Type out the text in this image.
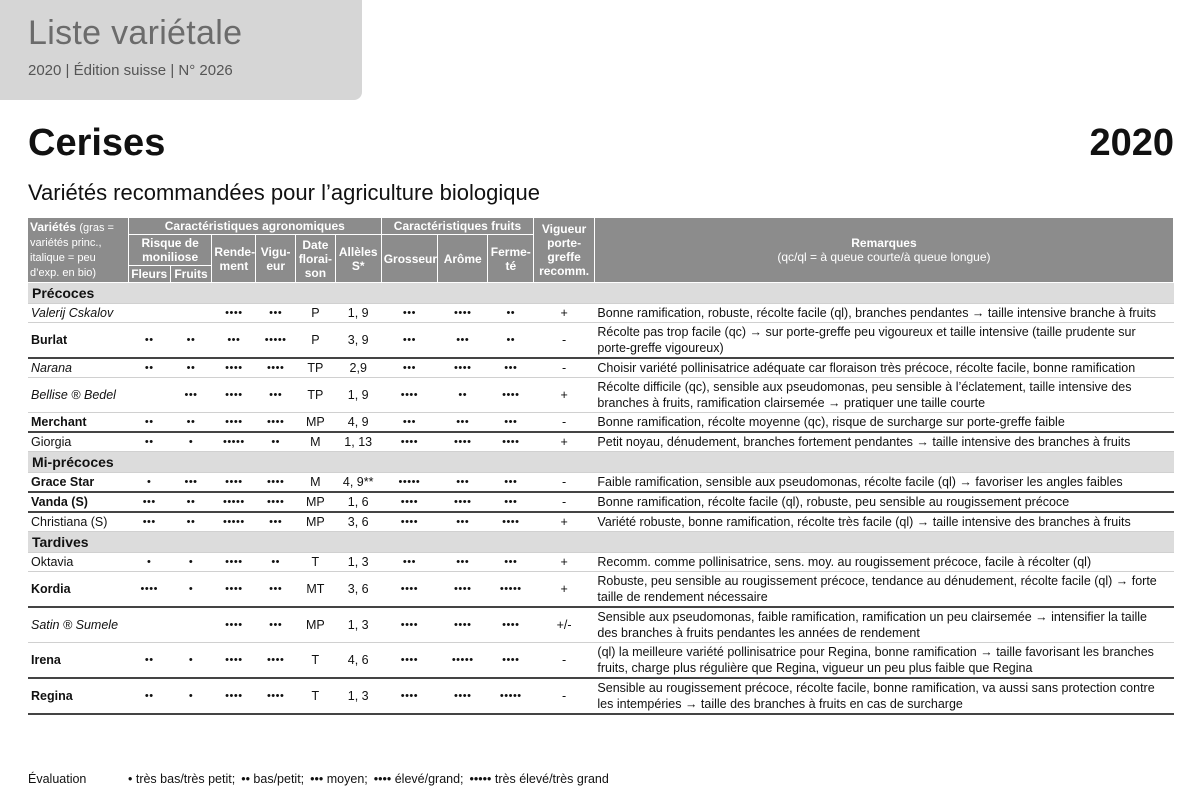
Liste variétale
2020 | Édition suisse | N° 2026
Cerises	2020
Variétés recommandées pour l’agriculture biologique
Variétés (gras = variétés princ., italique = peu d’exp. en bio)	Caractéristiques agronomiques						Caractéristiques fruits			Vigueur porte-greffe recomm.	Remarques
(qc/ql = à queue courte/à queue longue)

	Risque de moniliose		Rende-ment	Vigu-eur	Date florai-son	Allèles S*	Grosseur	Arôme	Ferme-té		
	Fleurs	Fruits									
Précoces											
Valerij Cskalov			••••	•••	P	1, 9	•••	••••	••	+	Bonne ramification, robuste, récolte facile (ql), branches pendantes → taille intensive branche à fruits
Burlat	••	••	•••	•••••	P	3, 9	•••	•••	••	-	Récolte pas trop facile (qc) → sur porte-greffe peu vigoureux et taille intensive (taille prudente sur porte-greffe vigoureux)
Narana	••	••	••••	••••	TP	2,9	•••	••••	•••	-	Choisir variété pollinisatrice adéquate car floraison très précoce, récolte facile, bonne ramification
Bellise ® Bedel		•••	••••	•••	TP	1, 9	••••	••	••••	+	Récolte difficile (qc), sensible aux pseudomonas, peu sensible à l’éclatement, taille intensive des branches à fruits, ramification clairsemée → pratiquer une taille courte
Merchant	••	••	••••	••••	MP	4, 9	•••	•••	•••	-	Bonne ramification, récolte moyenne (qc), risque de surcharge sur porte-greffe faible
Giorgia	••	•	•••••	••	M	1, 13	••••	••••	••••	+	Petit noyau, dénudement, branches fortement pendantes → taille intensive des branches à fruits
Mi-précoces											
Grace Star	•	•••	••••	••••	M	4, 9**	•••••	•••	•••	-	Faible ramification, sensible aux pseudomonas, récolte facile (ql) → favoriser les angles faibles
Vanda (S)	•••	••	•••••	••••	MP	1, 6	••••	••••	•••	-	Bonne ramification, récolte facile (ql), robuste, peu sensible au rougissement précoce
Christiana (S)	•••	••	•••••	•••	MP	3, 6	••••	•••	••••	+	Variété robuste, bonne ramification, récolte très facile (ql) → taille intensive des branches à fruits
Tardives											
Oktavia	•	•	••••	••	T	1, 3	•••	•••	•••	+	Recomm. comme pollinisatrice, sens. moy. au rougissement précoce, facile à récolter (ql)
Kordia	••••	•	••••	•••	MT	3, 6	••••	••••	•••••	+	Robuste, peu sensible au rougissement précoce, tendance au dénudement, récolte facile (ql) → forte taille de rendement nécessaire
Satin ® Sumele			••••	•••	MP	1, 3	••••	••••	••••	+/-	Sensible aux pseudomonas, faible ramification, ramification un peu clairsemée → intensifier la taille des branches à fruits pendantes les années de rendement
Irena	••	•	••••	••••	T	4, 6	••••	•••••	••••	-	(ql) la meilleure variété pollinisatrice pour Regina, bonne ramification → taille favorisant les branches fruits, charge plus régulière que Regina, vigueur un peu plus faible que Regina
Regina	••	•	••••	••••	T	1, 3	••••	••••	•••••	-	Sensible au rougissement précoce, récolte facile, bonne ramification, va aussi sans protection contre les intempéries → taille des branches à fruits en cas de surcharge
Évaluation	• très bas/très petit; •• bas/petit; ••• moyen; •••• élevé/grand; ••••• très élevé/très grand
